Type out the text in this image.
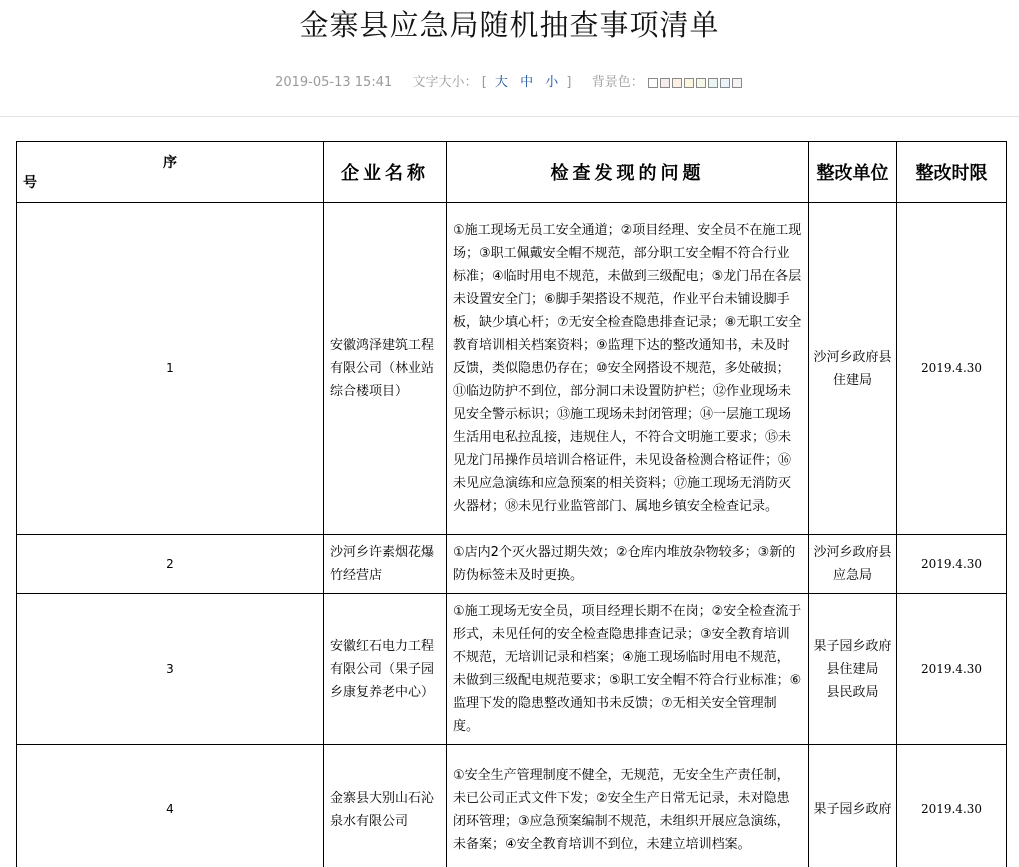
金寨县应急局随机抽查事项清单
2019-05-13 15:41 文字大小： [ 大 中 小 ] 背景色：
序
号	企业名称	检查发现的问题	整改单位	整改时限
1	安徽鸿泽建筑工程有限公司（林业站综合楼项目）	①施工现场无员工安全通道；②项目经理、安全员不在施工现场；③职工佩戴安全帽不规范，部分职工安全帽不符合行业标准；④临时用电不规范，未做到三级配电；⑤龙门吊在各层未设置安全门；⑥脚手架搭设不规范，作业平台未铺设脚手板，缺少填心杆；⑦无安全检查隐患排查记录；⑧无职工安全教育培训相关档案资料；⑨监理下达的整改通知书，未及时反馈，类似隐患仍存在；⑩安全网搭设不规范，多处破损；⑪临边防护不到位，部分洞口未设置防护栏；⑫作业现场未见安全警示标识；⑬施工现场未封闭管理；⑭一层施工现场生活用电私拉乱接，违规住人，不符合文明施工要求；⑮未见龙门吊操作员培训合格证件，未见设备检测合格证件；⑯未见应急演练和应急预案的相关资料；⑰施工现场无消防灭火器材；⑱未见行业监管部门、属地乡镇安全检查记录。	沙河乡政府县住建局	2019.4.30
2	沙河乡许素烟花爆竹经营店	①店内2个灭火器过期失效；②仓库内堆放杂物较多；③新的防伪标签未及时更换。	沙河乡政府县应急局	2019.4.30
3	安徽红石电力工程有限公司（果子园乡康复养老中心）	①施工现场无安全员，项目经理长期不在岗；②安全检查流于形式，未见任何的安全检查隐患排查记录；③安全教育培训不规范，无培训记录和档案；④施工现场临时用电不规范，未做到三级配电规范要求；⑤职工安全帽不符合行业标准；⑥监理下发的隐患整改通知书未反馈；⑦无相关安全管理制度。	果子园乡政府
县住建局
县民政局	2019.4.30
4	金寨县大别山石沁泉水有限公司	①安全生产管理制度不健全，无规范，无安全生产责任制，未已公司正式文件下发；②安全生产日常无记录，未对隐患闭环管理；③应急预案编制不规范，未组织开展应急演练，未备案；④安全教育培训不到位，未建立培训档案。	果子园乡政府	2019.4.30
